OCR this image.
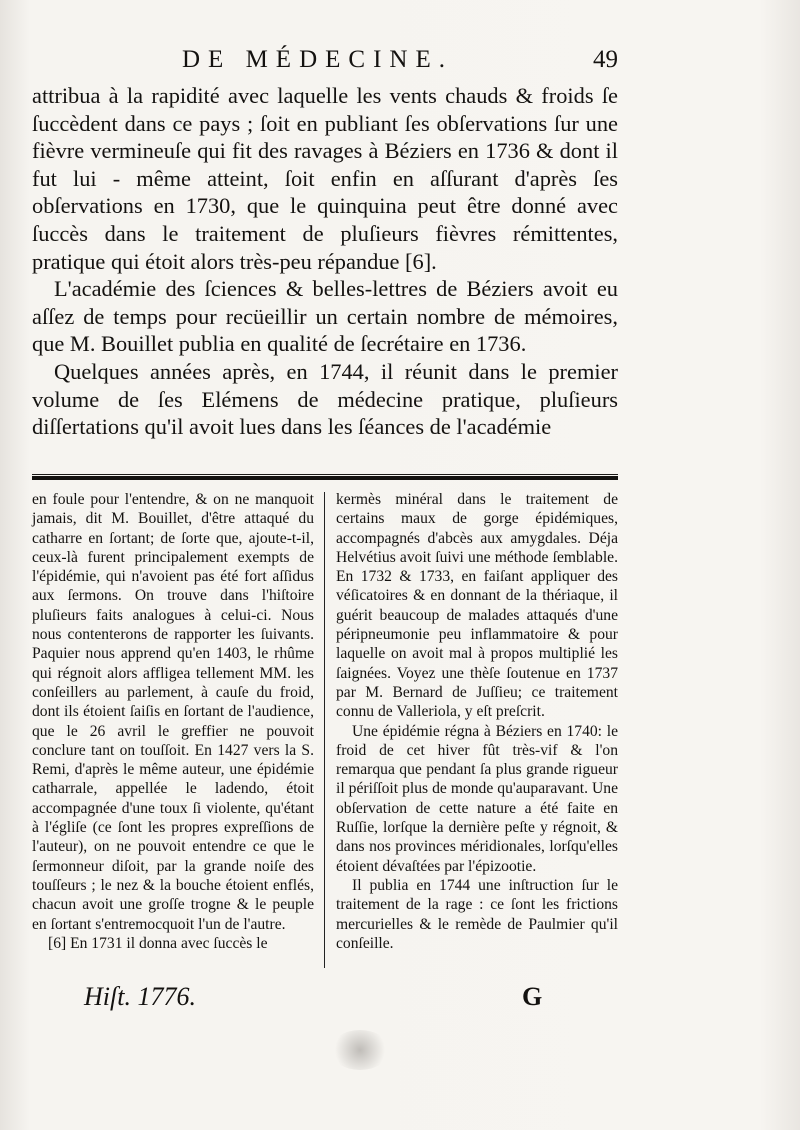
DE MÉDECINE.	49

attribua à la rapidité avec laquelle les vents chauds & froids ſe ſuccèdent dans ce pays ; ſoit en publiant ſes obſervations ſur une fièvre vermineuſe qui fit des ravages à Béziers en 1736 & dont il fut lui - même atteint, ſoit enfin en aſſurant d'après ſes obſervations en 1730, que le quinquina peut être donné avec ſuccès dans le traitement de pluſieurs fièvres rémittentes, pratique qui étoit alors très-peu répandue [6].

L'académie des ſciences & belles-lettres de Béziers avoit eu aſſez de temps pour recüeillir un certain nombre de mémoires, que M. Bouillet publia en qualité de ſecrétaire en 1736.

Quelques années après, en 1744, il réunit dans le premier volume de ſes Elémens de médecine pratique, pluſieurs diſſertations qu'il avoit lues dans les ſéances de l'académie

en foule pour l'entendre, & on ne manquoit jamais, dit M. Bouillet, d'être attaqué du catharre en ſortant; de ſorte que, ajoute-t-il, ceux-là furent principalement exempts de l'épidémie, qui n'avoient pas été fort aſſidus aux ſermons. On trouve dans l'hiſtoire pluſieurs faits analogues à celui-ci. Nous nous contenterons de rapporter les ſuivants. Paquier nous apprend qu'en 1403, le rhûme qui régnoit alors affligea tellement MM. les conſeillers au parlement, à cauſe du froid, dont ils étoient ſaiſis en ſortant de l'audience, que le 26 avril le greffier ne pouvoit conclure tant on touſſoit. En 1427 vers la S. Remi, d'après le même auteur, une épidémie catharrale, appellée le ladendo, étoit accompagnée d'une toux ſi violente, qu'étant à l'égliſe (ce ſont les propres expreſſions de l'auteur), on ne pouvoit entendre ce que le ſermonneur diſoit, par la grande noiſe des touſſeurs ; le nez & la bouche étoient enflés, chacun avoit une groſſe trogne & le peuple en ſortant s'entremocquoit l'un de l'autre.

[6] En 1731 il donna avec ſuccès le

kermès minéral dans le traitement de certains maux de gorge épidémiques, accompagnés d'abcès aux amygdales. Déja Helvétius avoit ſuivi une méthode ſemblable. En 1732 & 1733, en faiſant appliquer des véſicatoires & en donnant de la thériaque, il guérit beaucoup de malades attaqués d'une péripneumonie peu inflammatoire & pour laquelle on avoit mal à propos multiplié les ſaignées. Voyez une thèſe ſoutenue en 1737 par M. Bernard de Juſſieu; ce traitement connu de Valleriola, y eſt preſcrit.

Une épidémie régna à Béziers en 1740: le froid de cet hiver fût très-vif & l'on remarqua que pendant ſa plus grande rigueur il périſſoit plus de monde qu'auparavant. Une obſervation de cette nature a été faite en Ruſſie, lorſque la dernière peſte y régnoit, & dans nos provinces méridionales, lorſqu'elles étoient dévaſtées par l'épizootie.

Il publia en 1744 une inſtruction ſur le traitement de la rage : ce ſont les frictions mercurielles & le remède de Paulmier qu'il conſeille.

Hiſt. 1776.	G
